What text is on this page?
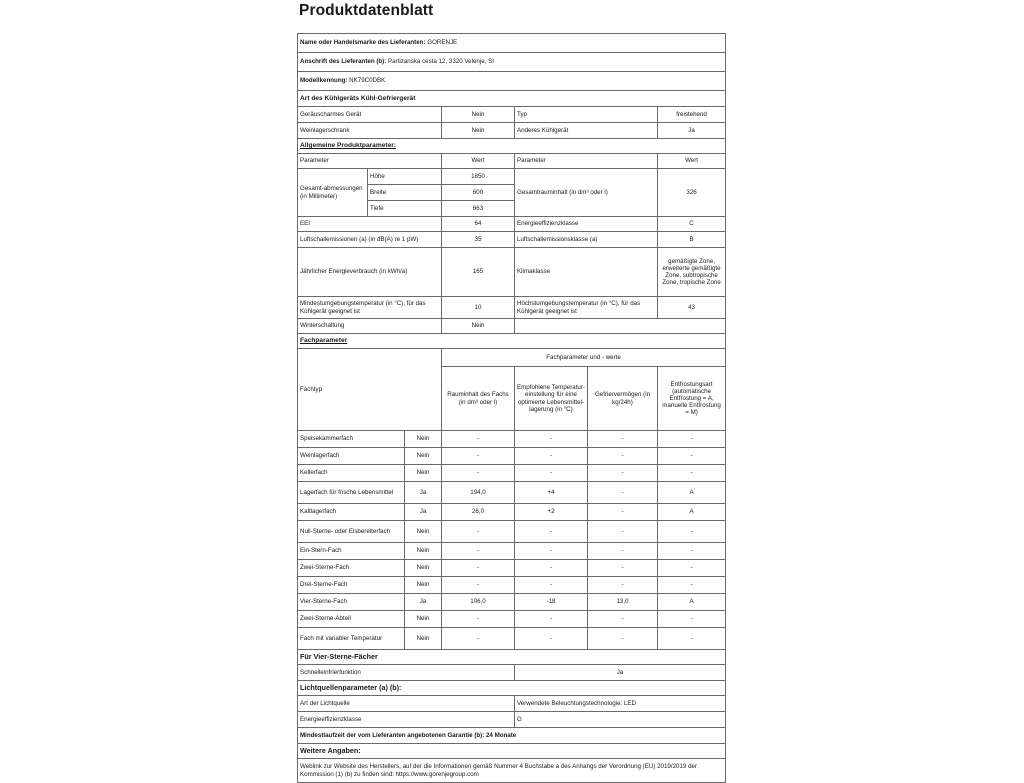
Produktdatenblatt
Name oder Handelsmarke des Lieferanten: GORENJE						
Anschrift des Lieferanten (b): Partizanska cesta 12, 3320 Velenje, SI						
Modellkennung: NK79C0DBK						
Art des Kühlgeräts Kühl-Gefriergerät						
Geräuscharmes Gerät			Nein	Typ		freistehend
Weinlagerschrank			Nein	Anderes Kühlgerät		Ja
Allgemeine Produktparameter:						
Parameter			Wert	Parameter		Wert
Gesamt-abmessungen (in Millimeter)	Höhe		1850	Gesamtrauminhalt (in dm³ oder l)		326
	Breite		600			
	Tiefe		663			
EEI			64	Energieeffizienzklasse		C
Luftschallemissionen (a) (in dB(A) re 1 pW)			35	Luftschallemissionsklasse (a)		B
Jährlicher Energieverbrauch (in kWh/a)			165	Klimaklasse		gemäßigte Zone, erweiterte gemäßigte Zone, subtropische Zone, tropische Zone
Mindestumgebungstemperatur (in °C), für das Kühlgerät geeignet ist			10	Höchstumgebungstemperatur (in °C), für das Kühlgerät geeignet ist		43
Winterschaltung			Nein			
Fachparameter						
Fachtyp			Fachparameter und - werte			
			Rauminhalt des Fachs (in dm³ oder l)	Empfohlene Temperatur-einstellung für eine optimierte Lebensmittel-lagerung (in °C)	Gefriervermögen (in kg/24h)	Entfrostungsart (automatische Entfrostung = A, manuelle Entfrostung = M)
Speisekammerfach		Nein	-	-	-	-
Weinlagerfach		Nein	-	-	-	-
Kellerfach		Nein	-	-	-	-
Lagerfach für frische Lebensmittel		Ja	194,0	+4	-	A
Kaltlagerfach		Ja	26,0	+2	-	A
Null-Sterne- oder Eisbereiterfach		Nein	-	-	-	-
Ein-Stern-Fach		Nein	-	-	-	-
Zwei-Sterne-Fach		Nein	-	-	-	-
Drei-Sterne-Fach		Nein	-	-	-	-
Vier-Sterne-Fach		Ja	106,0	-18	13,0	A
Zwei-Sterne-Abteil		Nein	-	-	-	-
Fach mit variabler Temperatur		Nein	-	-	-	-
Für Vier-Sterne-Fächer						
Schnelleinfrierfunktion				Ja		
Lichtquellenparameter (a) (b):						
Art der Lichtquelle				Verwendete Beleuchtungstechnologie: LED		
Energieeffizienzklasse				G		
Mindestlaufzeit der vom Lieferanten angebotenen Garantie (b): 24 Monate						
Weitere Angaben:						
Weblink zur Website des Herstellers, auf der die Informationen gemäß Nummer 4 Buchstabe a des Anhangs der Verordnung (EU) 2019/2019 der Kommission (1) (b) zu finden sind: https://www.gorenjegroup.com						
